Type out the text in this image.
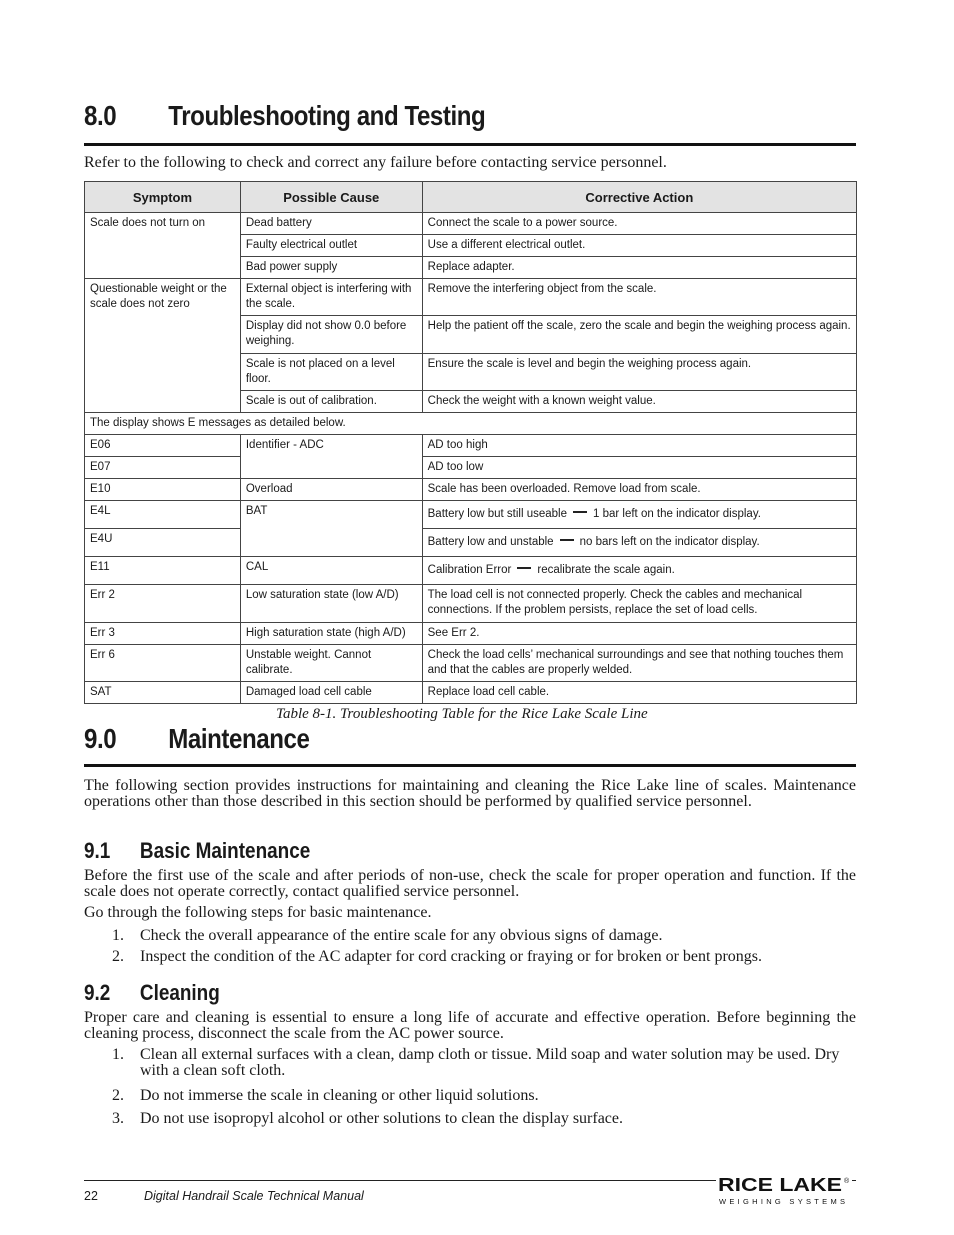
8.0 Troubleshooting and Testing
Refer to the following to check and correct any failure before contacting service personnel.
Symptom	Possible Cause	Corrective Action
Scale does not turn on	Dead battery	Connect the scale to a power source.
	Faulty electrical outlet	Use a different electrical outlet.
	Bad power supply	Replace adapter.
Questionable weight or the scale does not zero	External object is interfering with the scale.	Remove the interfering object from the scale.
	Display did not show 0.0 before weighing.	Help the patient off the scale, zero the scale and begin the weighing process again.
	Scale is not placed on a level floor.	Ensure the scale is level and begin the weighing process again.
	Scale is out of calibration.	Check the weight with a known weight value.
The display shows E messages as detailed below.		
E06	Identifier - ADC	AD too high
E07		AD too low
E10	Overload	Scale has been overloaded. Remove load from scale.
E4L	BAT	Battery low but still useable 1 bar left on the indicator display.
E4U		Battery low and unstable no bars left on the indicator display.
E11	CAL	Calibration Error recalibrate the scale again.
Err 2	Low saturation state (low A/D)	The load cell is not connected properly. Check the cables and mechanical connections. If the problem persists, replace the set of load cells.
Err 3	High saturation state (high A/D)	See Err 2.
Err 6	Unstable weight. Cannot calibrate.	Check the load cells’ mechanical surroundings and see that nothing touches them and that the cables are properly welded.
SAT	Damaged load cell cable	Replace load cell cable.
Table 8-1. Troubleshooting Table for the Rice Lake Scale Line
9.0 Maintenance
The following section provides instructions for maintaining and cleaning the Rice Lake line of scales. Maintenance operations other than those described in this section should be performed by qualified service personnel.
9.1 Basic Maintenance
Before the first use of the scale and after periods of non-use, check the scale for proper operation and function. If the scale does not operate correctly, contact qualified service personnel.
Go through the following steps for basic maintenance.
1. Check the overall appearance of the entire scale for any obvious signs of damage.
2. Inspect the condition of the AC adapter for cord cracking or fraying or for broken or bent prongs.
9.2 Cleaning
Proper care and cleaning is essential to ensure a long life of accurate and effective operation. Before beginning the cleaning process, disconnect the scale from the AC power source.
1. Clean all external surfaces with a clean, damp cloth or tissue. Mild soap and water solution may be used. Dry with a clean soft cloth.
2. Do not immerse the scale in cleaning or other liquid solutions.
3. Do not use isopropyl alcohol or other solutions to clean the display surface.
22	Digital Handrail Scale Technical Manual
RICE LAKE ®
WEIGHING SYSTEMS
